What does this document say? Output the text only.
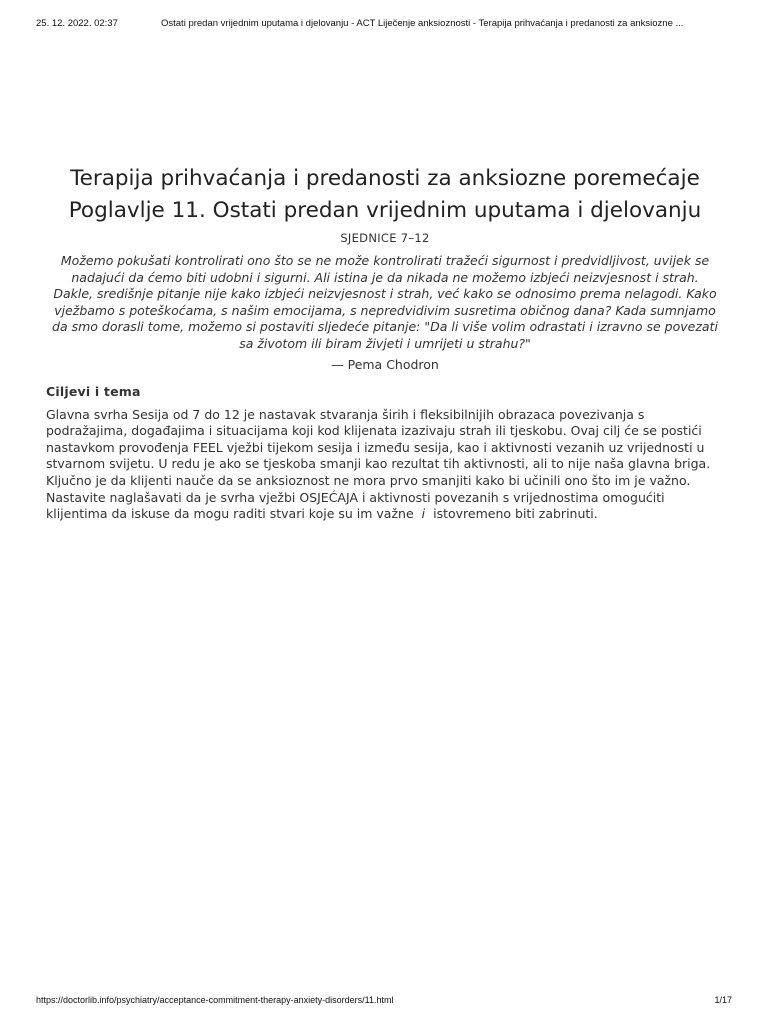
25. 12. 2022. 02:37	Ostati predan vrijednim uputama i djelovanju - ACT Liječenje anksioznosti - Terapija prihvaćanja i predanosti za anksiozne ...
Terapija prihvaćanja i predanosti za anksiozne poremećaje
Poglavlje 11. Ostati predan vrijednim uputama i djelovanju
SJEDNICE 7–12

Možemo pokušati kontrolirati ono što se ne može kontrolirati tražeći sigurnost i predvidljivost, uvijek se nadajući da ćemo biti udobni i sigurni. Ali istina je da nikada ne možemo izbjeći neizvjesnost i strah. Dakle, središnje pitanje nije kako izbjeći neizvjesnost i strah, već kako se odnosimo prema nelagodi. Kako vježbamo s poteškoćama, s našim emocijama, s nepredvidivim susretima običnog dana? Kada sumnjamo da smo dorasli tome, možemo si postaviti sljedeće pitanje: "Da li više volim odrastati i izravno se povezati sa životom ili biram živjeti i umrijeti u strahu?"

— Pema Chodron
Ciljevi i tema

Glavna svrha Sesija od 7 do 12 je nastavak stvaranja širih i fleksibilnijih obrazaca povezivanja s podražajima, događajima i situacijama koji kod klijenata izazivaju strah ili tjeskobu. Ovaj cilj će se postići nastavkom provođenja FEEL vježbi tijekom sesija i između sesija, kao i aktivnosti vezanih uz vrijednosti u stvarnom svijetu. U redu je ako se tjeskoba smanji kao rezultat tih aktivnosti, ali to nije naša glavna briga. Ključno je da klijenti nauče da se anksioznost ne mora prvo smanjiti kako bi učinili ono što im je važno. Nastavite naglašavati da je svrha vježbi OSJEĆAJA i aktivnosti povezanih s vrijednostima omogućiti klijentima da iskuse da mogu raditi stvari koje su im važne i istovremeno biti zabrinuti.

https://doctorlib.info/psychiatry/acceptance-commitment-therapy-anxiety-disorders/11.html	1/17
